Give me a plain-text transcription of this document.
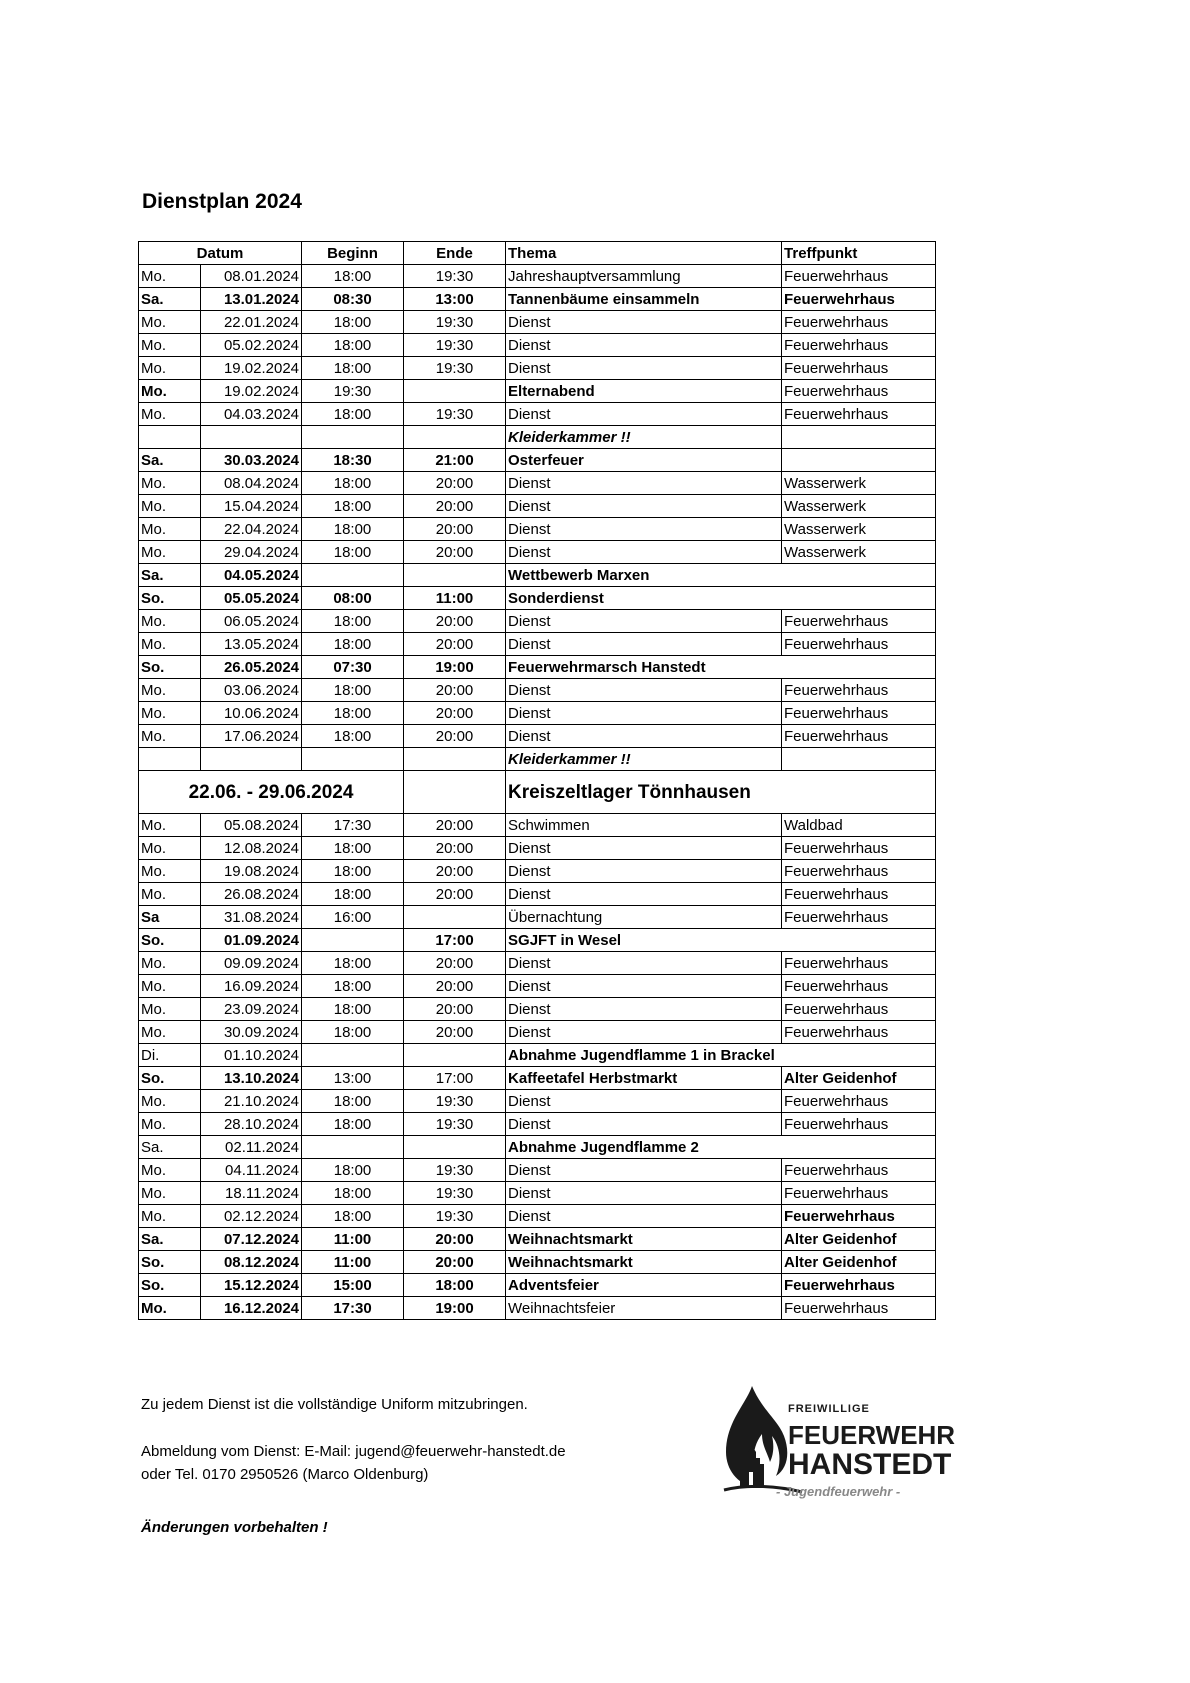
Dienstplan 2024
Datum		Beginn	Ende	Thema	Treffpunkt
Mo.	08.01.2024	18:00	19:30	Jahreshauptversammlung	Feuerwehrhaus
Sa.	13.01.2024	08:30	13:00	Tannenbäume einsammeln	Feuerwehrhaus
Mo.	22.01.2024	18:00	19:30	Dienst	Feuerwehrhaus
Mo.	05.02.2024	18:00	19:30	Dienst	Feuerwehrhaus
Mo.	19.02.2024	18:00	19:30	Dienst	Feuerwehrhaus
Mo.	19.02.2024	19:30		Elternabend	Feuerwehrhaus
Mo.	04.03.2024	18:00	19:30	Dienst	Feuerwehrhaus
				Kleiderkammer !!	
Sa.	30.03.2024	18:30	21:00	Osterfeuer	
Mo.	08.04.2024	18:00	20:00	Dienst	Wasserwerk
Mo.	15.04.2024	18:00	20:00	Dienst	Wasserwerk
Mo.	22.04.2024	18:00	20:00	Dienst	Wasserwerk
Mo.	29.04.2024	18:00	20:00	Dienst	Wasserwerk
Sa.	04.05.2024			Wettbewerb Marxen	
So.	05.05.2024	08:00	11:00	Sonderdienst	
Mo.	06.05.2024	18:00	20:00	Dienst	Feuerwehrhaus
Mo.	13.05.2024	18:00	20:00	Dienst	Feuerwehrhaus
So.	26.05.2024	07:30	19:00	Feuerwehrmarsch Hanstedt	
Mo.	03.06.2024	18:00	20:00	Dienst	Feuerwehrhaus
Mo.	10.06.2024	18:00	20:00	Dienst	Feuerwehrhaus
Mo.	17.06.2024	18:00	20:00	Dienst	Feuerwehrhaus
				Kleiderkammer !!	
22.06. - 29.06.2024				Kreiszeltlager Tönnhausen	
Mo.	05.08.2024	17:30	20:00	Schwimmen	Waldbad
Mo.	12.08.2024	18:00	20:00	Dienst	Feuerwehrhaus
Mo.	19.08.2024	18:00	20:00	Dienst	Feuerwehrhaus
Mo.	26.08.2024	18:00	20:00	Dienst	Feuerwehrhaus
Sa	31.08.2024	16:00		Übernachtung	Feuerwehrhaus
So.	01.09.2024		17:00	SGJFT in Wesel	
Mo.	09.09.2024	18:00	20:00	Dienst	Feuerwehrhaus
Mo.	16.09.2024	18:00	20:00	Dienst	Feuerwehrhaus
Mo.	23.09.2024	18:00	20:00	Dienst	Feuerwehrhaus
Mo.	30.09.2024	18:00	20:00	Dienst	Feuerwehrhaus
Di.	01.10.2024			Abnahme Jugendflamme 1 in Brackel	
So.	13.10.2024	13:00	17:00	Kaffeetafel Herbstmarkt	Alter Geidenhof
Mo.	21.10.2024	18:00	19:30	Dienst	Feuerwehrhaus
Mo.	28.10.2024	18:00	19:30	Dienst	Feuerwehrhaus
Sa.	02.11.2024			Abnahme Jugendflamme 2	
Mo.	04.11.2024	18:00	19:30	Dienst	Feuerwehrhaus
Mo.	18.11.2024	18:00	19:30	Dienst	Feuerwehrhaus
Mo.	02.12.2024	18:00	19:30	Dienst	Feuerwehrhaus
Sa.	07.12.2024	11:00	20:00	Weihnachtsmarkt	Alter Geidenhof
So.	08.12.2024	11:00	20:00	Weihnachtsmarkt	Alter Geidenhof
So.	15.12.2024	15:00	18:00	Adventsfeier	Feuerwehrhaus
Mo.	16.12.2024	17:30	19:00	Weihnachtsfeier	Feuerwehrhaus

Zu jedem Dienst ist die vollständige Uniform mitzubringen.

Abmeldung vom Dienst: E-Mail: jugend@feuerwehr-hanstedt.de

oder Tel. 0170 2950526 (Marco Oldenburg)

Änderungen vorbehalten !

FREIWILLIGE
FEUERWEHR
HANSTEDT
- Jugendfeuerwehr -
